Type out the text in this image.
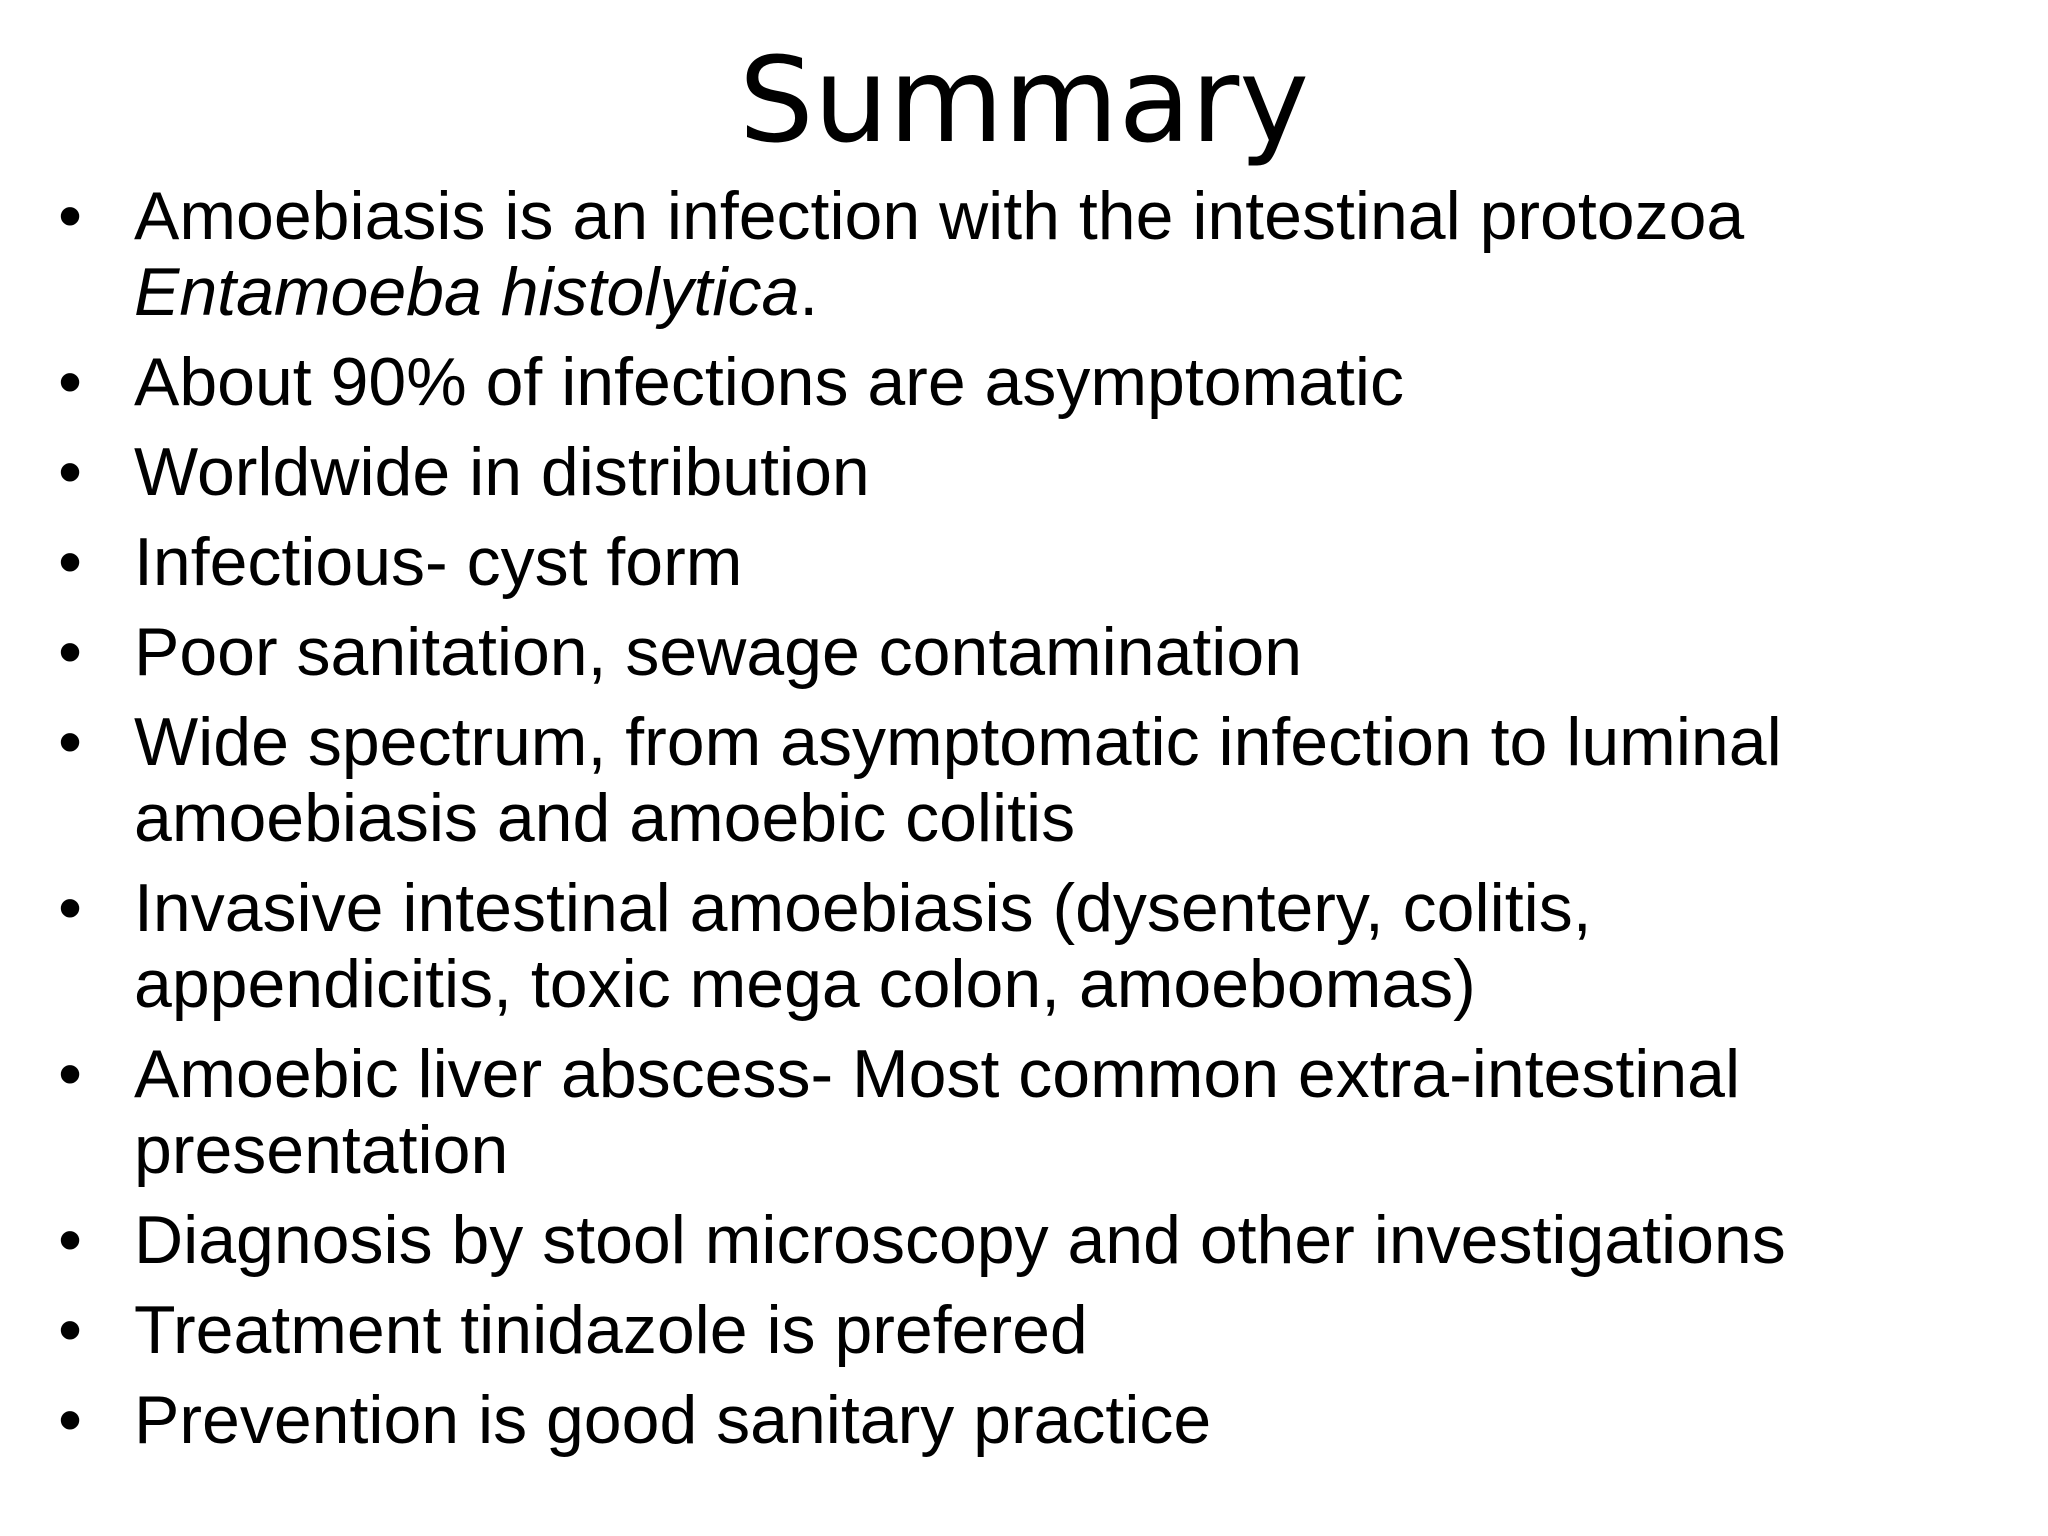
Summary
• Amoebiasis is an infection with the intestinal protozoa
Entamoeba histolytica.
• About 90% of infections are asymptomatic
• Worldwide in distribution
• Infectious- cyst form
• Poor sanitation, sewage contamination
• Wide spectrum, from asymptomatic infection to luminal
amoebiasis and amoebic colitis
• Invasive intestinal amoebiasis (dysentery, colitis,
appendicitis, toxic mega colon, amoebomas)
• Amoebic liver abscess- Most common extra-intestinal
presentation
• Diagnosis by stool microscopy and other investigations
• Treatment tinidazole is prefered
• Prevention is good sanitary practice
